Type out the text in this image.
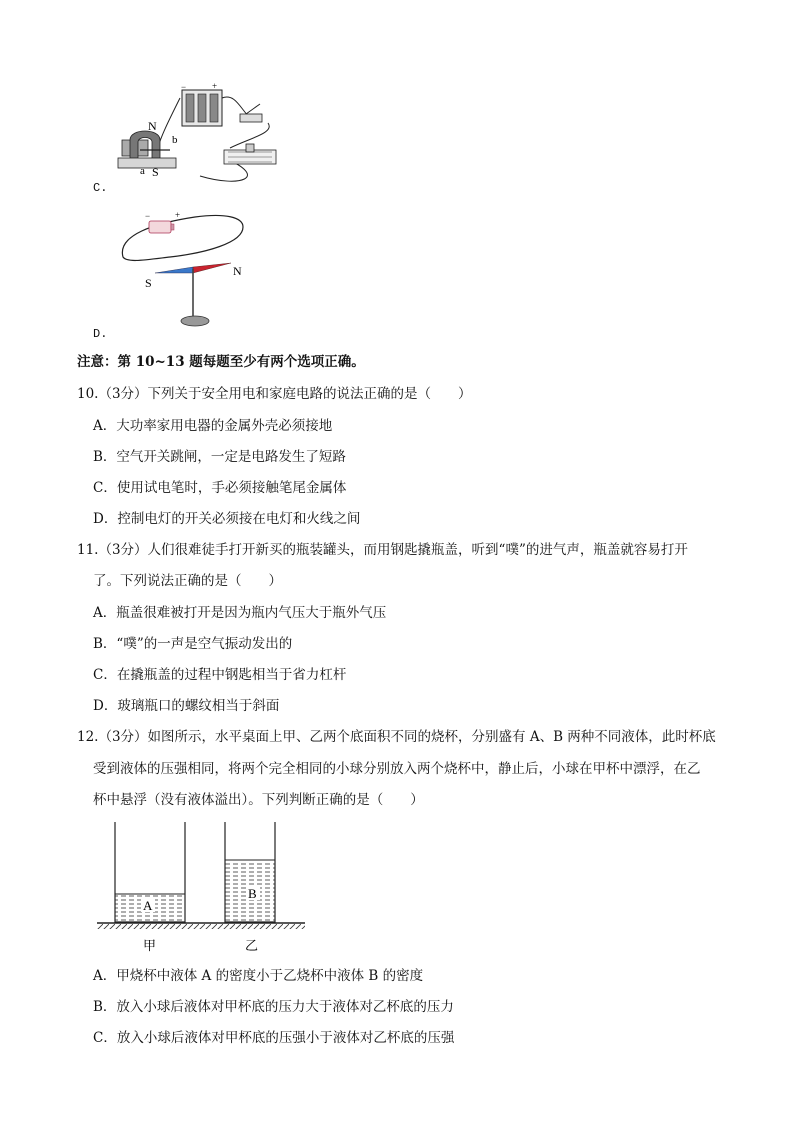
−	+
N
b
a S
C.
−	+
S
N
D.
注意：第 10~13 题每题至少有两个选项正确。
10.（3分）下列关于安全用电和家庭电路的说法正确的是（　　）
A．大功率家用电器的金属外壳必须接地
B．空气开关跳闸，一定是电路发生了短路
C．使用试电笔时，手必须接触笔尾金属体
D．控制电灯的开关必须接在电灯和火线之间
11.（3分）人们很难徒手打开新买的瓶装罐头，而用钢匙撬瓶盖，听到“噗”的进气声，瓶盖就容易打开
了。下列说法正确的是（　　）
A．瓶盖很难被打开是因为瓶内气压大于瓶外气压
B．“噗”的一声是空气振动发出的
C．在撬瓶盖的过程中钢匙相当于省力杠杆
D．玻璃瓶口的螺纹相当于斜面
12.（3分）如图所示，水平桌面上甲、乙两个底面积不同的烧杯，分别盛有 A、B 两种不同液体，此时杯底
受到液体的压强相同，将两个完全相同的小球分别放入两个烧杯中，静止后，小球在甲杯中漂浮，在乙
杯中悬浮（没有液体溢出）。下列判断正确的是（　　）
A
B
甲	乙
A．甲烧杯中液体 A 的密度小于乙烧杯中液体 B 的密度
B．放入小球后液体对甲杯底的压力大于液体对乙杯底的压力
C．放入小球后液体对甲杯底的压强小于液体对乙杯底的压强
